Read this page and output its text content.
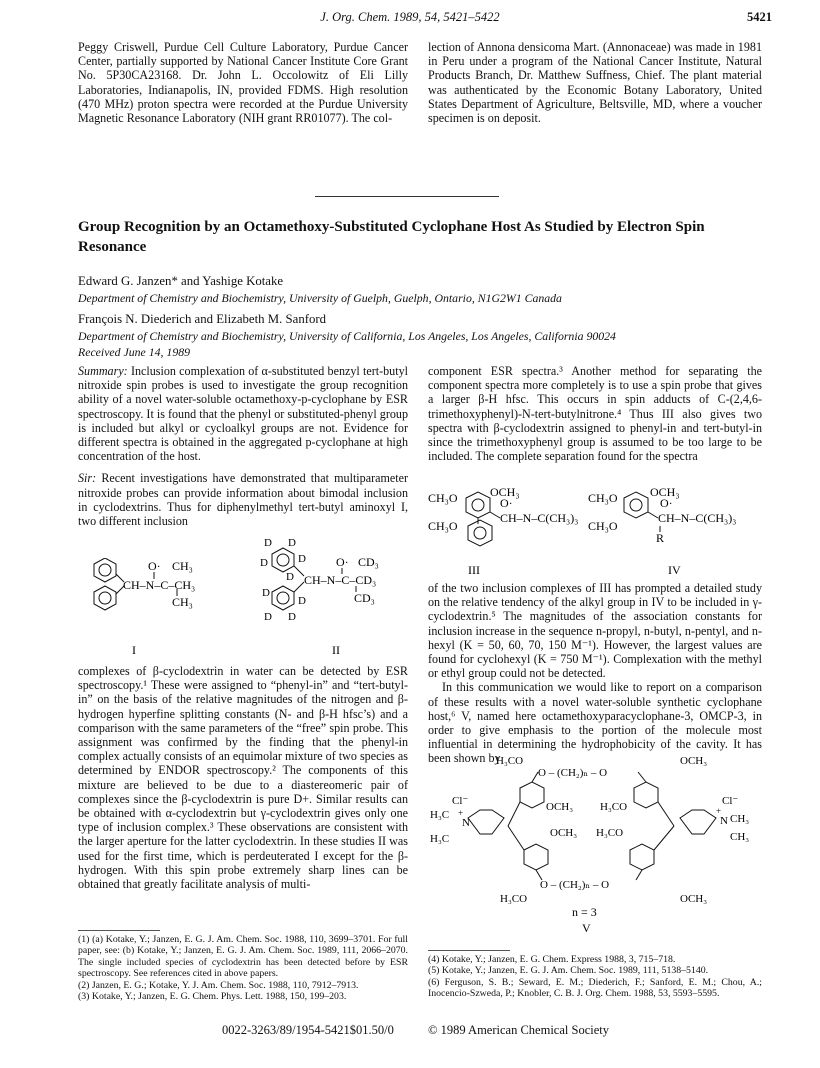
J. Org. Chem. 1989, 54, 5421–5422	5421

Peggy Criswell, Purdue Cell Culture Laboratory, Purdue Cancer Center, partially supported by National Cancer Institute Core Grant No. 5P30CA23168. Dr. John L. Occolowitz of Eli Lilly Laboratories, Indianapolis, IN, provided FDMS. High resolution (470 MHz) proton spectra were recorded at the Purdue University Magnetic Resonance Laboratory (NIH grant RR01077). The col-

lection of Annona densicoma Mart. (Annonaceae) was made in 1981 in Peru under a program of the National Cancer Institute, Natural Products Branch, Dr. Matthew Suffness, Chief. The plant material was authenticated by the Economic Botany Laboratory, United States Department of Agriculture, Beltsville, MD, where a voucher specimen is on deposit.

Group Recognition by an Octamethoxy-Substituted Cyclophane Host As Studied by Electron Spin Resonance
Edward G. Janzen* and Yashige Kotake
Department of Chemistry and Biochemistry, University of Guelph, Guelph, Ontario, N1G2W1 Canada
François N. Diederich and Elizabeth M. Sanford
Department of Chemistry and Biochemistry, University of California, Los Angeles, Los Angeles, California 90024
Received June 14, 1989

Summary: Inclusion complexation of α-substituted benzyl tert-butyl nitroxide spin probes is used to investigate the group recognition ability of a novel water-soluble octamethoxy-p-cyclophane by ESR spectroscopy. It is found that the phenyl or substituted-phenyl group is included but alkyl or cycloalkyl groups are not. Evidence for different spectra is obtained in the aggregated p-cyclophane at high concentration of the host.

Sir: Recent investigations have demonstrated that multiparameter nitroxide probes can provide information about bimodal inclusion in cyclodextrins. Thus for diphenylmethyl tert-butyl aminoxyl I, two different inclusion

O· CH₃
CH–N–C–CH₃
CH₃
I
D D
D	D
D
D
D
D D
O· CD₃
CH–N–C–CD₃
CD₃
II

complexes of β-cyclodextrin in water can be detected by ESR spectroscopy.¹ These were assigned to “phenyl-in” and “tert-butyl-in” on the basis of the relative magnitudes of the nitrogen and β-hydrogen hyperfine splitting constants (N- and β-H hfsc’s) and a comparison with the same parameters of the “free” spin probe. This assignment was confirmed by the finding that the phenyl-in complex actually consists of an equimolar mixture of two species as determined by ENDOR spectroscopy.² The components of this mixture are believed to be due to a diastereomeric pair of complexes since the β-cyclodextrin is pure D+. Similar results can be obtained with α-cyclodextrin but γ-cyclodextrin gives only one type of inclusion complex.³ These observations are consistent with the larger aperture for the latter cyclodextrin. In these studies II was used for the first time, which is perdeuterated I except for the β-hydrogen. With this spin probe extremely sharp lines can be obtained that greatly facilitate analysis of multi-

(1) (a) Kotake, Y.; Janzen, E. G. J. Am. Chem. Soc. 1988, 110, 3699–3701. For full paper, see: (b) Kotake, Y.; Janzen, E. G. J. Am. Chem. Soc. 1989, 111, 2066–2070. The single included species of cyclodextrin has been detected before by ESR spectroscopy. See references cited in above papers.

(2) Janzen, E. G.; Kotake, Y. J. Am. Chem. Soc. 1988, 110, 7912–7913.

(3) Kotake, Y.; Janzen, E. G. Chem. Phys. Lett. 1988, 150, 199–203.

component ESR spectra.³ Another method for separating the component spectra more completely is to use a spin probe that gives a larger β-H hfsc. This occurs in spin adducts of C-(2,4,6-trimethoxyphenyl)-N-tert-butylnitrone.⁴ Thus III also gives two spectra with β-cyclodextrin assigned to phenyl-in and tert-butyl-in since the trimethoxyphenyl group is assumed to be too large to be included. The complete separation found for the spectra

CH₃O	OCH₃
O·
CH–N–C(CH₃)₃
CH₃O
CH₃O	OCH₃
O·
CH–N–C(CH₃)₃
CH₃O
R
III	IV

of the two inclusion complexes of III has prompted a detailed study on the relative tendency of the alkyl group in IV to be included in γ-cyclodextrin.⁵ The magnitudes of the association constants for inclusion increase in the sequence n-propyl, n-butyl, n-pentyl, and n-hexyl (K = 50, 60, 70, 150 M⁻¹). However, the largest values are found for cyclohexyl (K = 750 M⁻¹). Complexation with the methyl or ethyl group could not be detected.

In this communication we would like to report on a comparison of these results with a novel water-soluble synthetic cyclophane host,⁶ V, named here octamethoxyparacyclophane-3, OMCP-3, in order to give emphasis to the portion of the molecule most influential in determining the hydrophobicity of the cavity. It has been shown by

H₃CO	OCH₃
O – (CH₂)ₙ – O
Cl⁻	Cl⁻
OCH₃ H₃CO
H₃C
N
+
N
+
CH₃
H₃C	CH₃
OCH₃ H₃CO
O – (CH₂)ₙ – O
H₃CO	OCH₃
n = 3
V

(4) Kotake, Y.; Janzen, E. G. Chem. Express 1988, 3, 715–718.

(5) Kotake, Y.; Janzen, E. G. J. Am. Chem. Soc. 1989, 111, 5138–5140.

(6) Ferguson, S. B.; Seward, E. M.; Diederich, F.; Sanford, E. M.; Chou, A.; Inocencio-Szweda, P.; Knobler, C. B. J. Org. Chem. 1988, 53, 5593–5595.

0022-3263/89/1954-5421$01.50/0	© 1989 American Chemical Society
